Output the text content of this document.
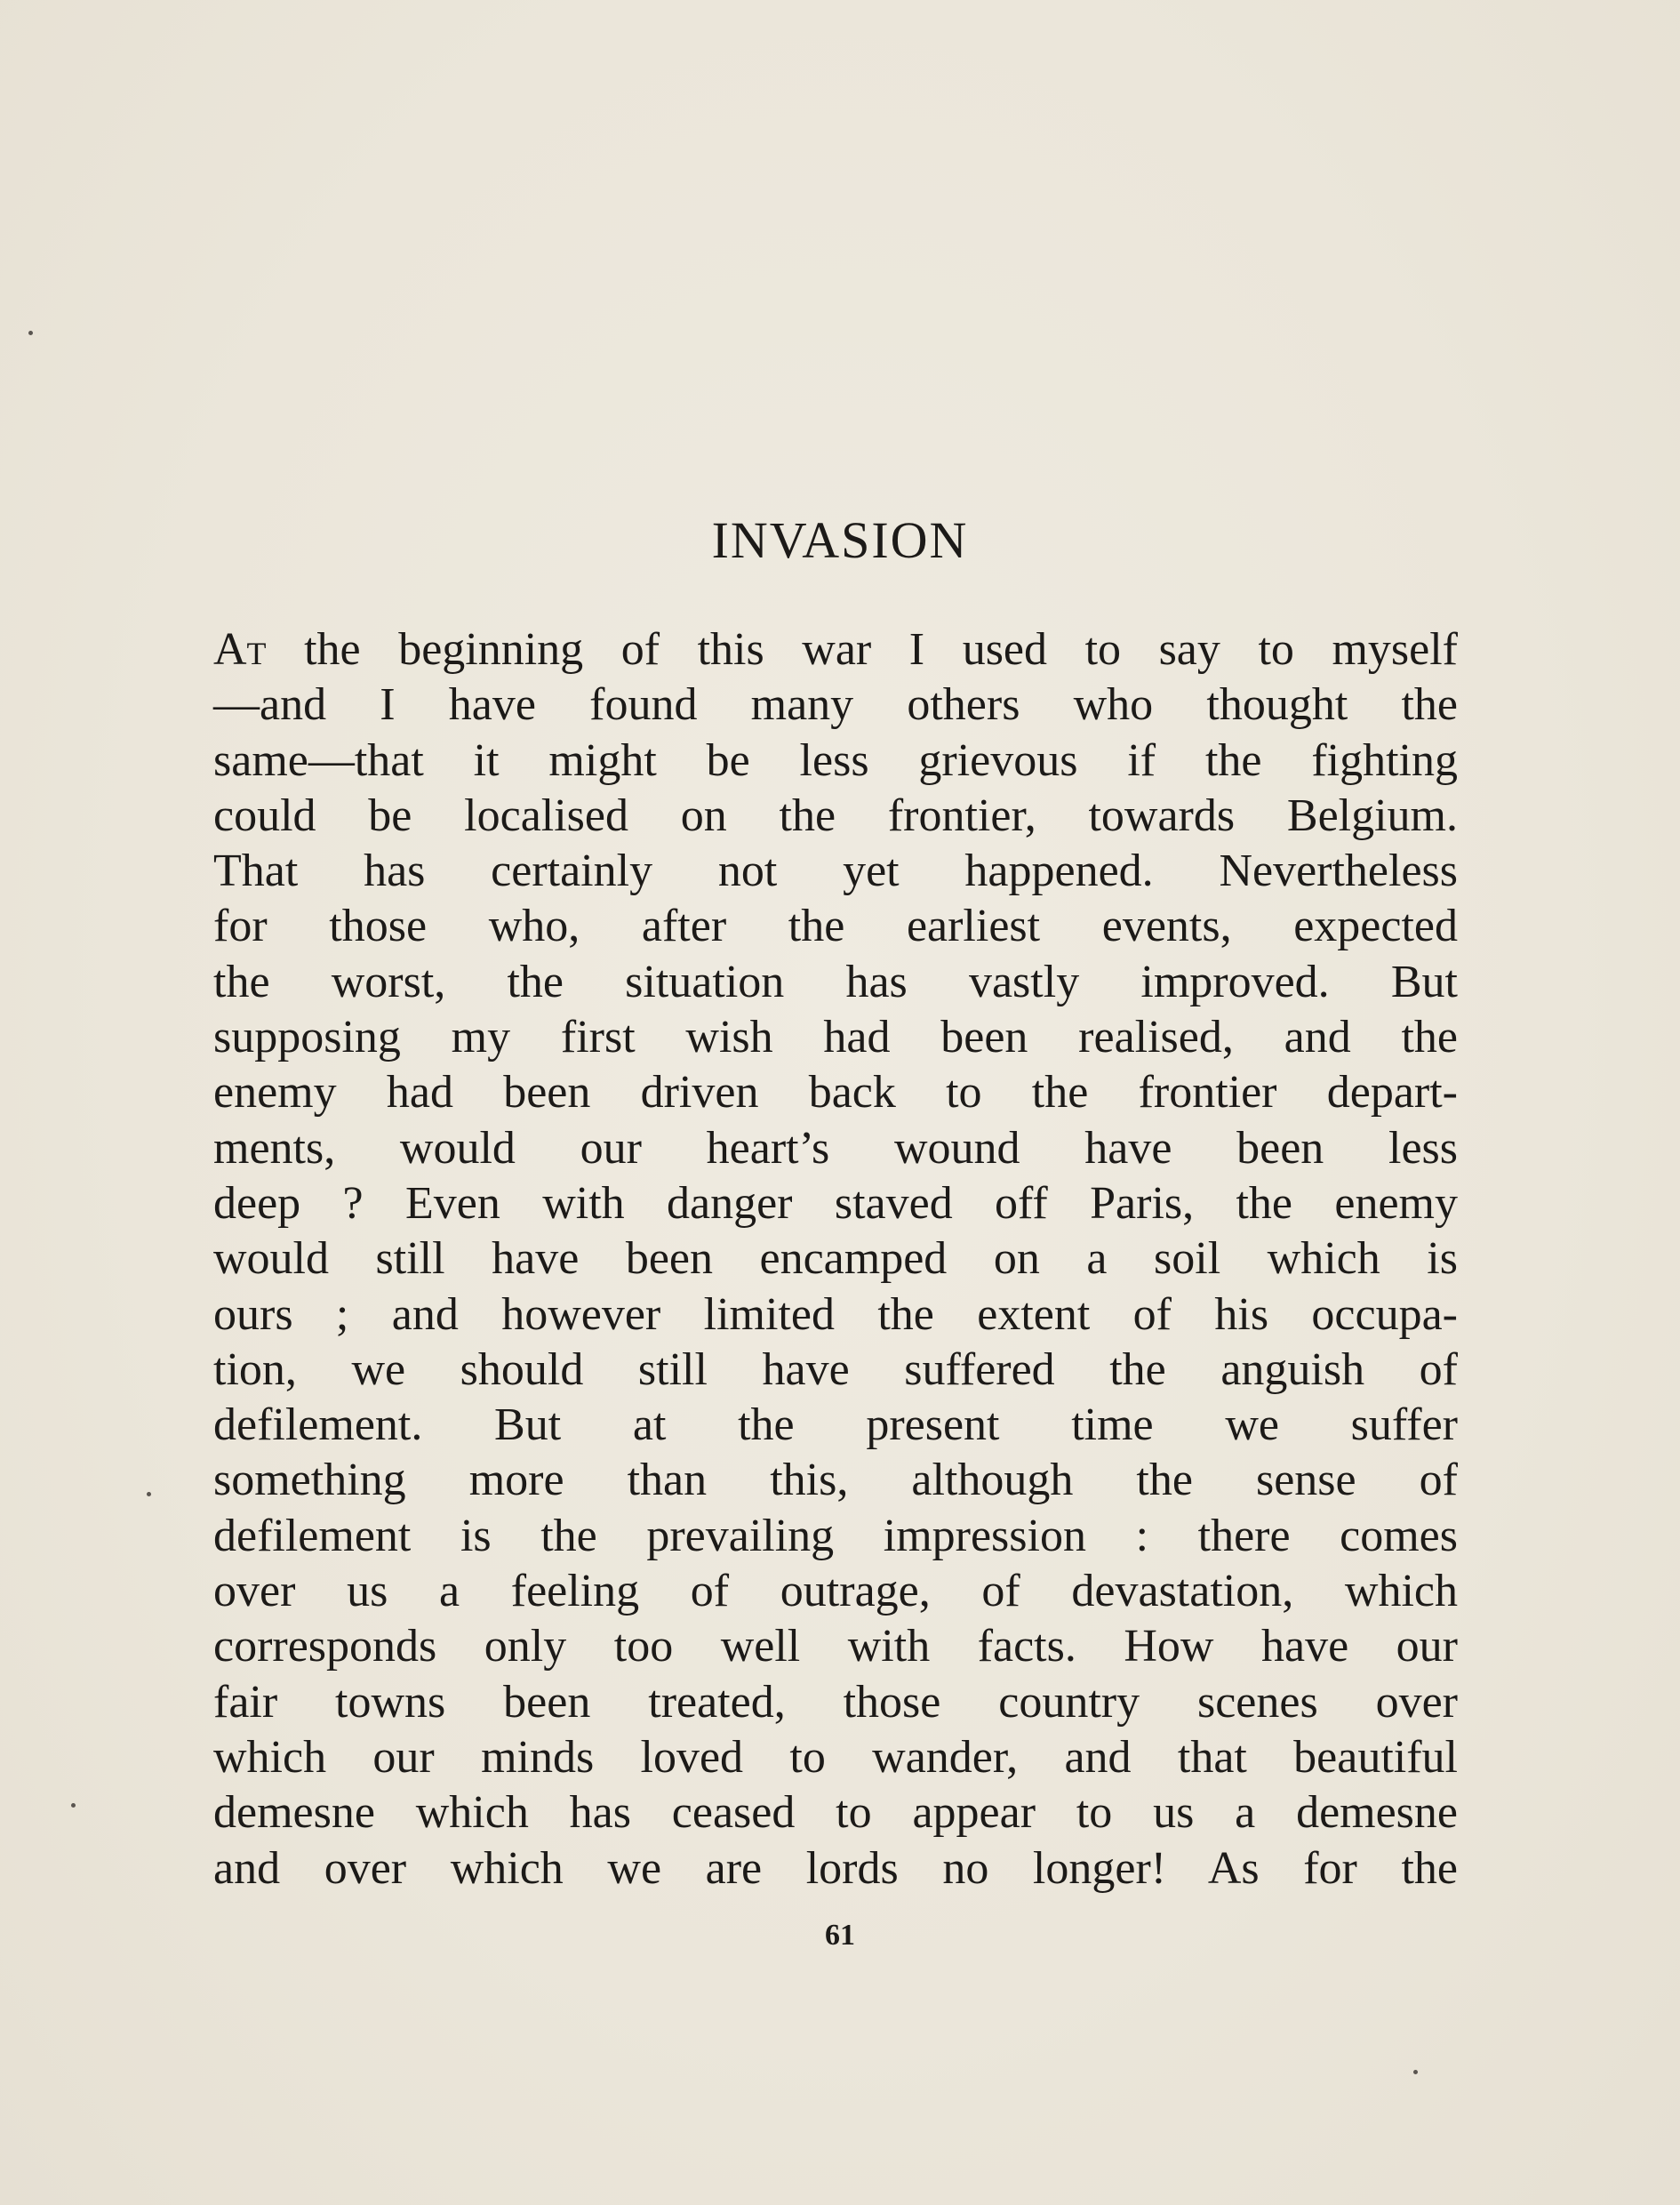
INVASION
At the beginning of this war I used to say to myself
—and I have found many others who thought the
same—that it might be less grievous if the fighting
could be localised on the frontier, towards Belgium.
That has certainly not yet happened. Nevertheless
for those who, after the earliest events, expected
the worst, the situation has vastly improved. But
supposing my first wish had been realised, and the
enemy had been driven back to the frontier depart-
ments, would our heart’s wound have been less
deep ? Even with danger staved off Paris, the enemy
would still have been encamped on a soil which is
ours ; and however limited the extent of his occupa-
tion, we should still have suffered the anguish of
defilement. But at the present time we suffer
something more than this, although the sense of
defilement is the prevailing impression : there comes
over us a feeling of outrage, of devastation, which
corresponds only too well with facts. How have our
fair towns been treated, those country scenes over
which our minds loved to wander, and that beautiful
demesne which has ceased to appear to us a demesne
and over which we are lords no longer! As for the
61
